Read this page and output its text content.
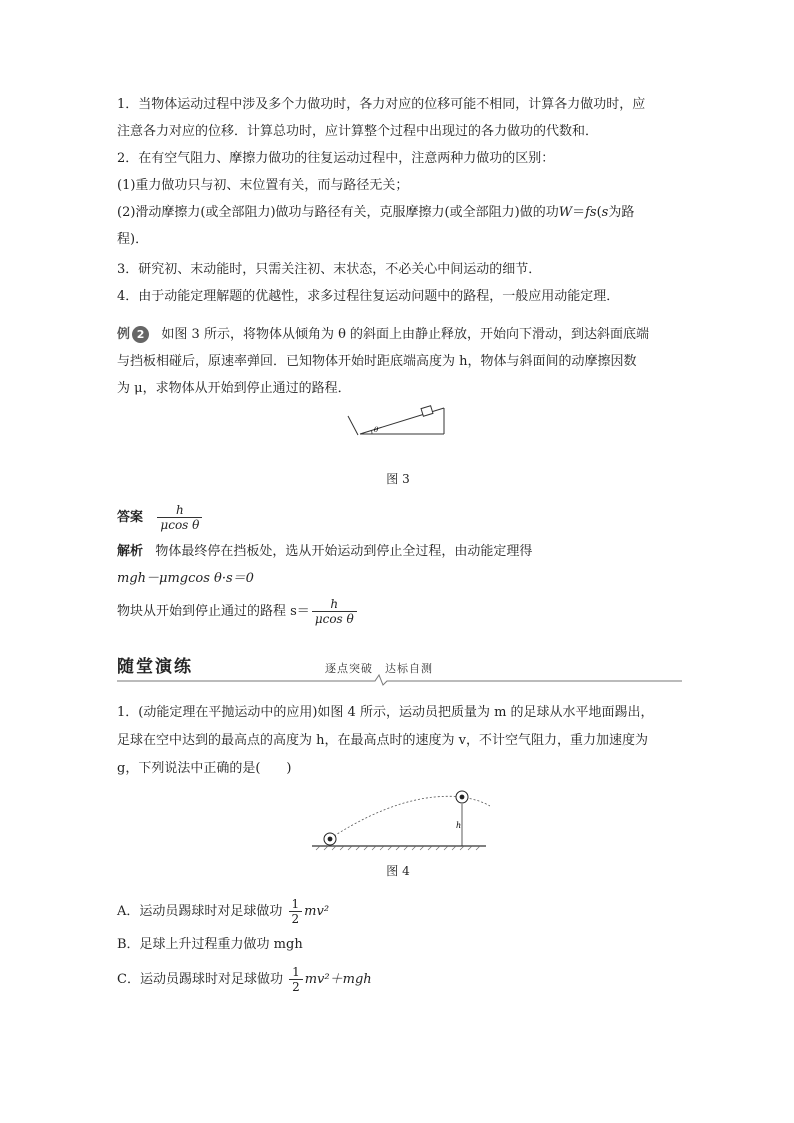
1．当物体运动过程中涉及多个力做功时，各力对应的位移可能不相同，计算各力做功时，应
注意各力对应的位移．计算总功时，应计算整个过程中出现过的各力做功的代数和．
2．在有空气阻力、摩擦力做功的往复运动过程中，注意两种力做功的区别：
(1)重力做功只与初、末位置有关，而与路径无关；
(2)滑动摩擦力(或全部阻力)做功与路径有关，克服摩擦力(或全部阻力)做的功W＝fs(s为路
程)．
3．研究初、末动能时，只需关注初、末状态，不必关心中间运动的细节．
4．由于动能定理解题的优越性，求多过程往复运动问题中的路程，一般应用动能定理．
例 2 如图 3 所示，将物体从倾角为 θ 的斜面上由静止释放，开始向下滑动，到达斜面底端
与挡板相碰后，原速率弹回．已知物体开始时距底端高度为 h，物体与斜面间的动摩擦因数
为 μ，求物体从开始到停止通过的路程．
θ
图 3
答案 $\frac{h}{\text{μcos θ}}$
解析 物体最终停在挡板处，选从开始运动到停止全过程，由动能定理得
mgh－μmgcos θ·s＝0
物块从开始到停止通过的路程 $s= \frac{h}{\text{μcos θ}}$
随堂演练	逐点突破　达标自测
1．(动能定理在平抛运动中的应用)如图 4 所示，运动员把质量为 m 的足球从水平地面踢出，
足球在空中达到的最高点的高度为 h，在最高点时的速度为 v，不计空气阻力，重力加速度为
g，下列说法中正确的是(　　)
h
图 4
A．运动员踢球时对足球做功 $\frac{1}{2} mv^2$
B．足球上升过程重力做功 mgh
C．运动员踢球时对足球做功 $\frac{1}{2} mv^2+mgh$
